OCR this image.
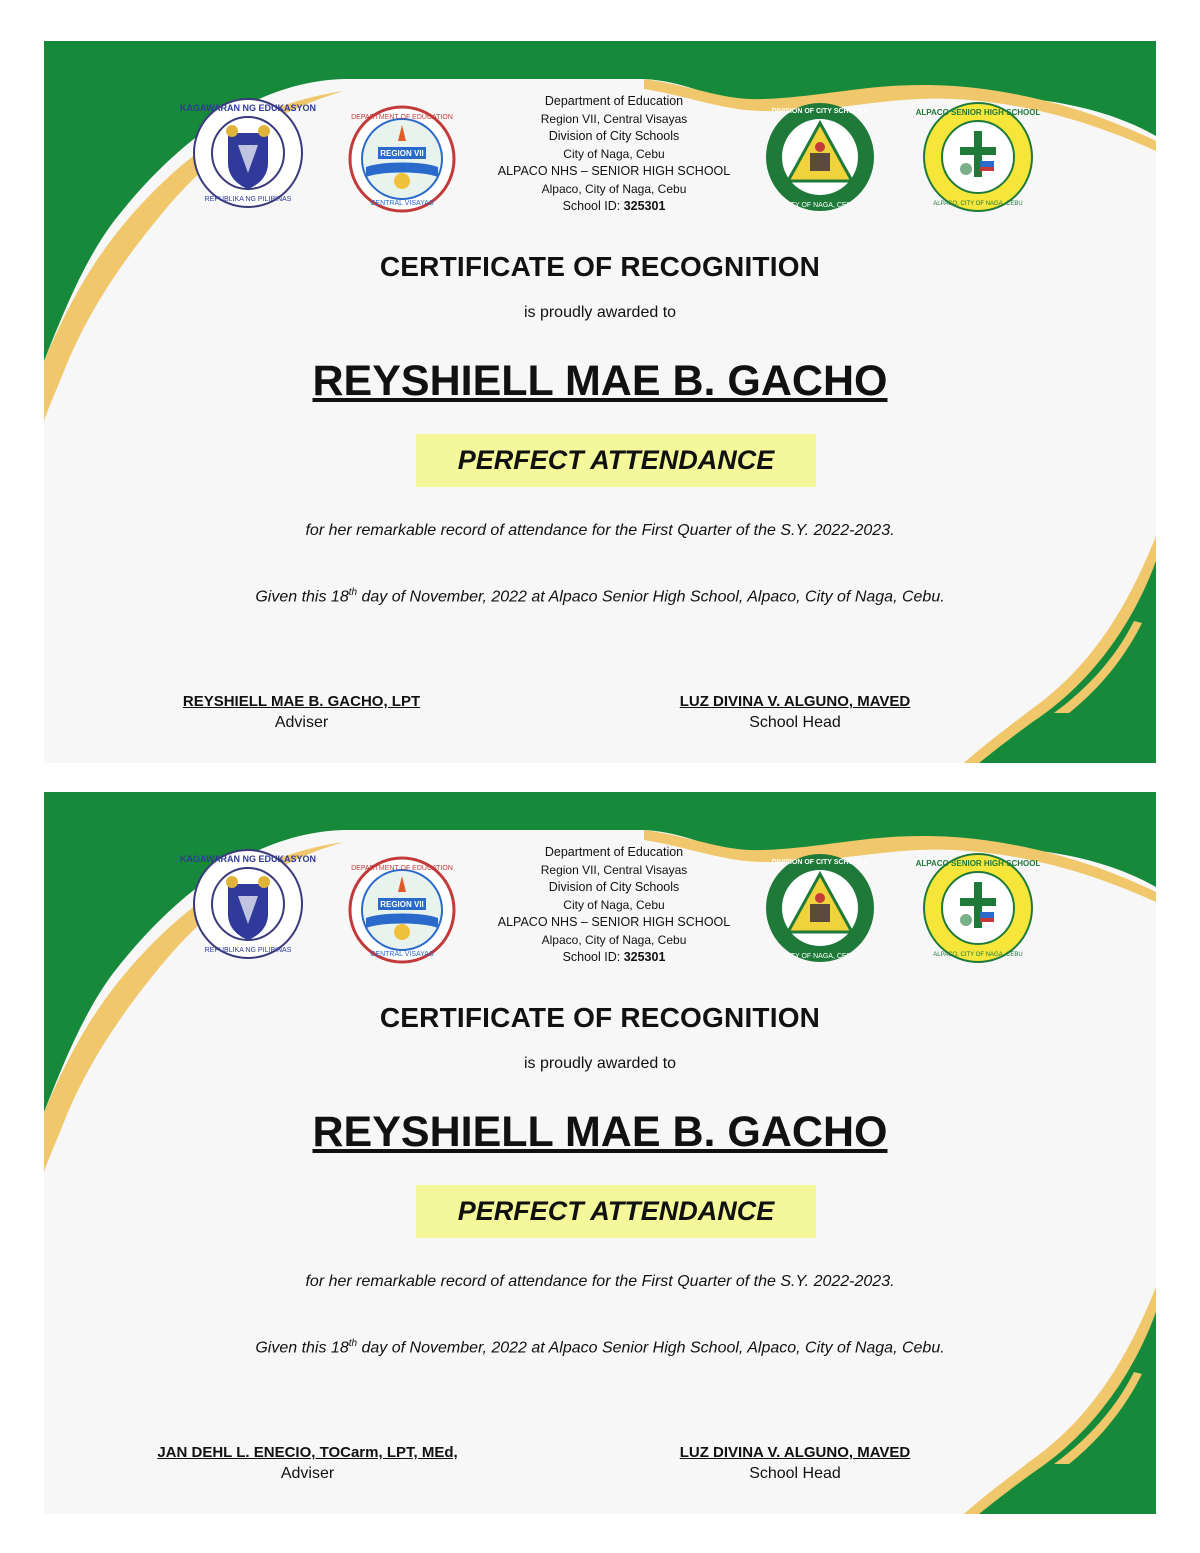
KAGAWARAN NG EDUKASYON
REPUBLIKA NG PILIPINAS
REGION VII
DEPARTMENT OF EDUCATION
CENTRAL VISAYAS
DIVISION OF CITY SCHOOLS
CITY OF NAGA, CEBU
ALPACO SENIOR HIGH SCHOOL
ALPACO, CITY OF NAGA, CEBU
Department of Education
Region VII, Central Visayas
Division of City Schools
City of Naga, Cebu
ALPACO NHS – SENIOR HIGH SCHOOL
Alpaco, City of Naga, Cebu
School ID: 325301
CERTIFICATE OF RECOGNITION
is proudly awarded to
REYSHIELL MAE B. GACHO
PERFECT ATTENDANCE
for her remarkable record of attendance for the First Quarter of the S.Y. 2022-2023.
Given this 18th day of November, 2022 at Alpaco Senior High School, Alpaco, City of Naga, Cebu.
REYSHIELL MAE B. GACHO, LPT
Adviser
LUZ DIVINA V. ALGUNO, MAVED
School Head
KAGAWARAN NG EDUKASYON
REPUBLIKA NG PILIPINAS
REGION VII
DEPARTMENT OF EDUCATION
CENTRAL VISAYAS
DIVISION OF CITY SCHOOLS
CITY OF NAGA, CEBU
ALPACO SENIOR HIGH SCHOOL
ALPACO, CITY OF NAGA, CEBU
Department of Education
Region VII, Central Visayas
Division of City Schools
City of Naga, Cebu
ALPACO NHS – SENIOR HIGH SCHOOL
Alpaco, City of Naga, Cebu
School ID: 325301
CERTIFICATE OF RECOGNITION
is proudly awarded to
REYSHIELL MAE B. GACHO
PERFECT ATTENDANCE
for her remarkable record of attendance for the First Quarter of the S.Y. 2022-2023.
Given this 18th day of November, 2022 at Alpaco Senior High School, Alpaco, City of Naga, Cebu.
JAN DEHL L. ENECIO, TOCarm, LPT, MEd,
Adviser
LUZ DIVINA V. ALGUNO, MAVED
School Head
